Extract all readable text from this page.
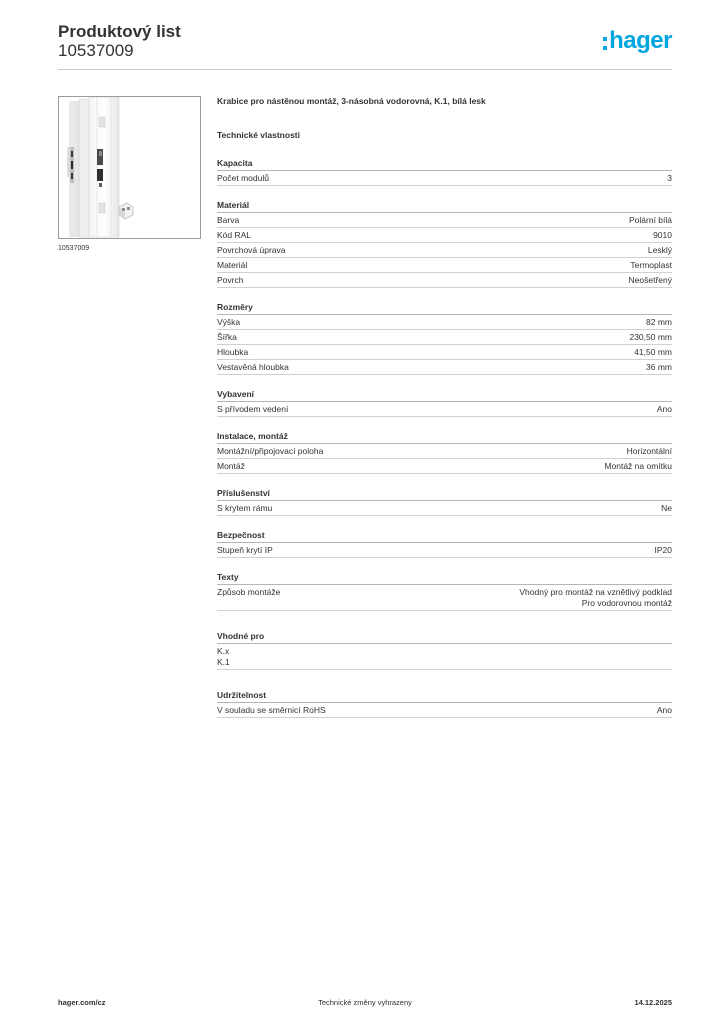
Produktový list
10537009	hager
10537009
Krabice pro nástěnou montáž, 3-násobná vodorovná, K.1, bílá lesk
Technické vlastnosti
Kapacita
Počet modulů	3
Materiál
Barva	Polární bílá
Kód RAL	9010
Povrchová úprava	Lesklý
Materiál	Termoplast
Povrch	Neošetřený
Rozměry
Výška	82 mm
Šířka	230,50 mm
Hloubka	41,50 mm
Vestavěná hloubka	36 mm
Vybavení
S přívodem vedení	Ano
Instalace, montáž
Montážní/připojovací poloha	Horizontální
Montáž	Montáž na omítku
Příslušenství
S krytem rámu	Ne
Bezpečnost
Stupeň krytí IP	IP20
Texty
Způsob montáže	Vhodný pro montáž na vznětlivý podklad
Pro vodorovnou montáž
Vhodné pro
K.x
K.1
Udržitelnost
V souladu se směrnicí RoHS	Ano
hager.com/cz	Technické změny vyhrazeny	14.12.2025
